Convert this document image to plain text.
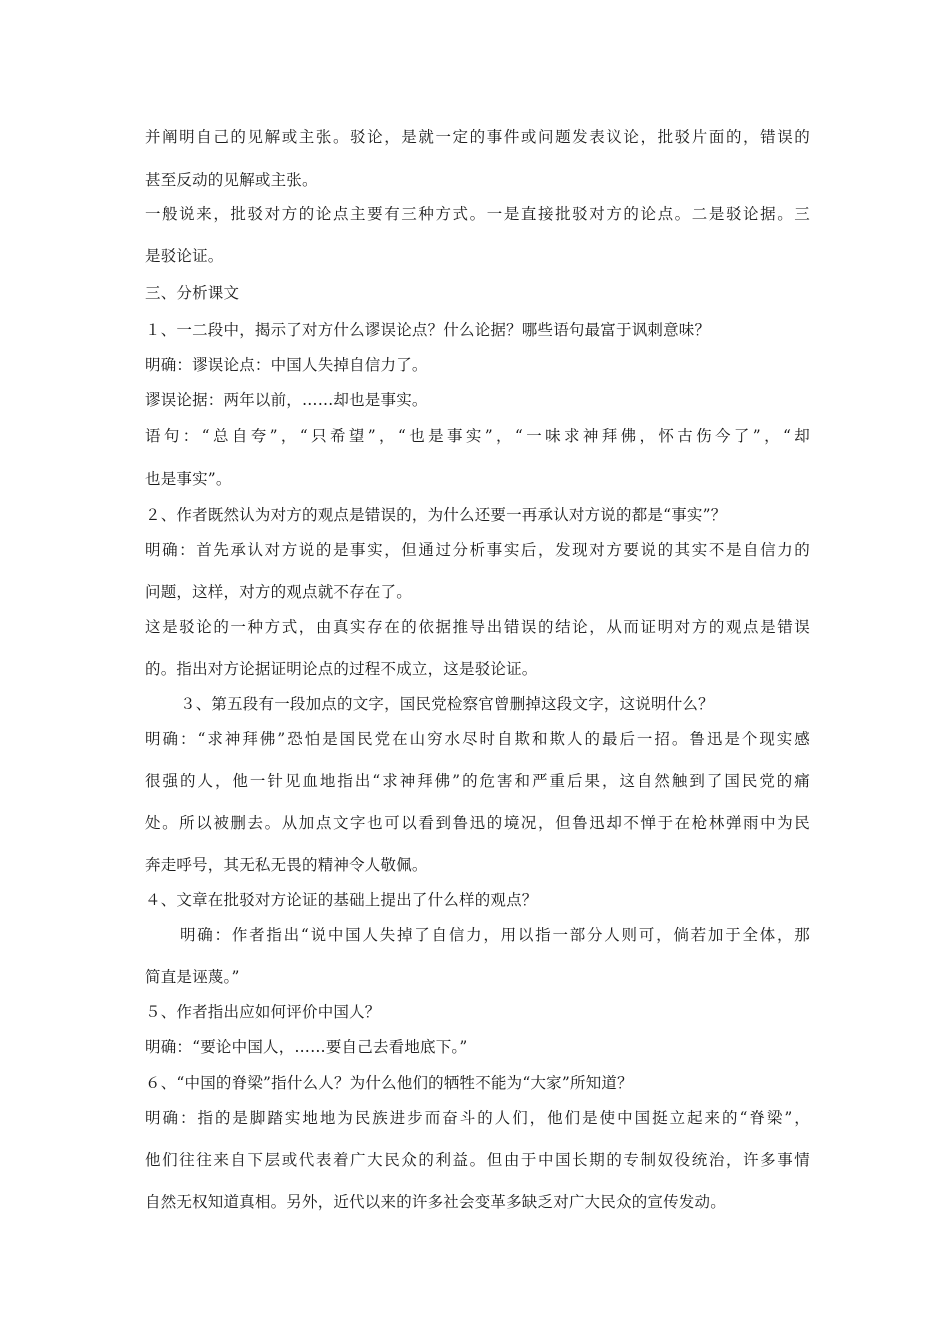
并阐明自己的见解或主张。驳论，是就一定的事件或问题发表议论，批驳片面的，错误的
甚至反动的见解或主张。
一般说来，批驳对方的论点主要有三种方式。一是直接批驳对方的论点。二是驳论据。三
是驳论证。
三、分析课文
１、一二段中，揭示了对方什么谬误论点？什么论据？哪些语句最富于讽刺意味？
明确：谬误论点：中国人失掉自信力了。
谬误论据：两年以前，……却也是事实。
语句：“总自夸”，“只希望”，“也是事实”，“一味求神拜佛，怀古伤今了”，“却
也是事实”。
２、作者既然认为对方的观点是错误的，为什么还要一再承认对方说的都是“事实”？
明确：首先承认对方说的是事实，但通过分析事实后，发现对方要说的其实不是自信力的
问题，这样，对方的观点就不存在了。
这是驳论的一种方式，由真实存在的依据推导出错误的结论，从而证明对方的观点是错误
的。指出对方论据证明论点的过程不成立，这是驳论证。
３、第五段有一段加点的文字，国民党检察官曾删掉这段文字，这说明什么？
明确：“求神拜佛”恐怕是国民党在山穷水尽时自欺和欺人的最后一招。鲁迅是个现实感
很强的人，他一针见血地指出“求神拜佛”的危害和严重后果，这自然触到了国民党的痛
处。所以被删去。从加点文字也可以看到鲁迅的境况，但鲁迅却不惮于在枪林弹雨中为民
奔走呼号，其无私无畏的精神令人敬佩。
４、文章在批驳对方论证的基础上提出了什么样的观点？
明确：作者指出“说中国人失掉了自信力，用以指一部分人则可，倘若加于全体，那
简直是诬蔑。”
５、作者指出应如何评价中国人？
明确：“要论中国人，……要自己去看地底下。”
６、“中国的脊梁”指什么人？为什么他们的牺牲不能为“大家”所知道？
明确：指的是脚踏实地地为民族进步而奋斗的人们，他们是使中国挺立起来的“脊梁”，
他们往往来自下层或代表着广大民众的利益。但由于中国长期的专制奴役统治，许多事情
自然无权知道真相。另外，近代以来的许多社会变革多缺乏对广大民众的宣传发动。
